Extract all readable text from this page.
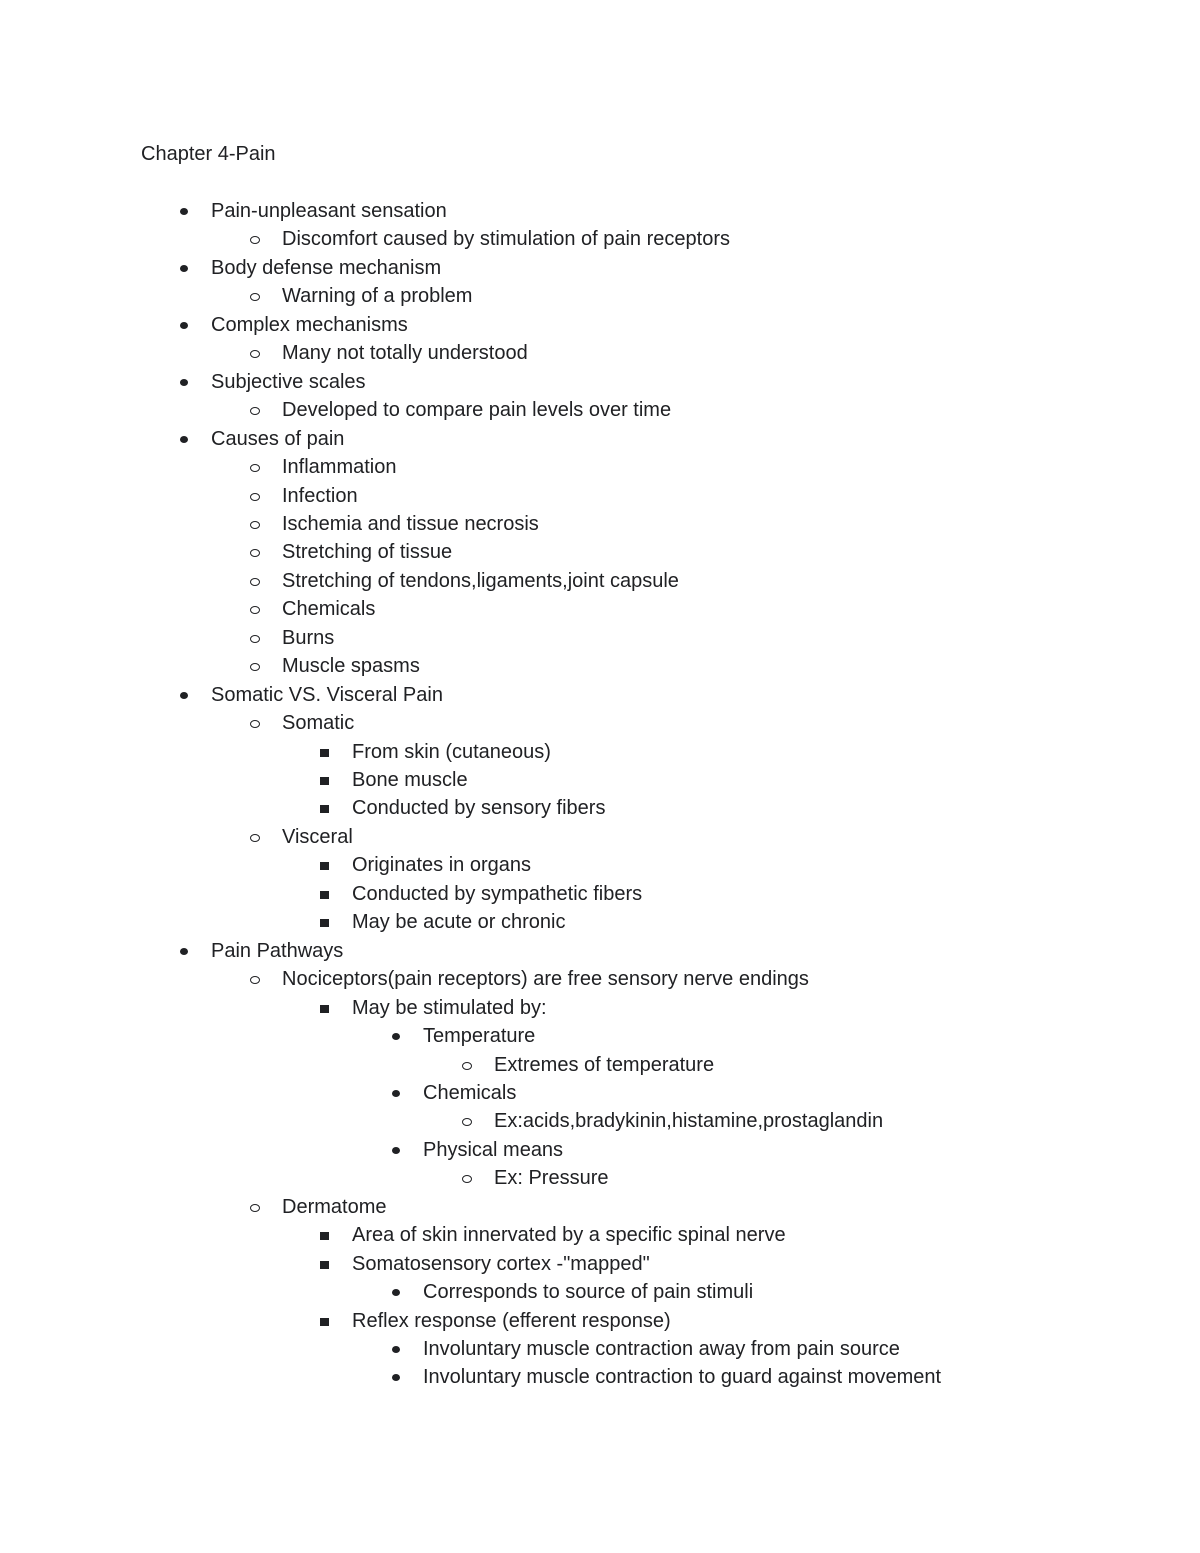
Chapter 4-Pain
Pain-unpleasant sensation
Discomfort caused by stimulation of pain receptors
Body defense mechanism
Warning of a problem
Complex mechanisms
Many not totally understood
Subjective scales
Developed to compare pain levels over time
Causes of pain
Inflammation
Infection
Ischemia and tissue necrosis
Stretching of tissue
Stretching of tendons,ligaments,joint capsule
Chemicals
Burns
Muscle spasms
Somatic VS. Visceral Pain
Somatic
From skin (cutaneous)
Bone muscle
Conducted by sensory fibers
Visceral
Originates in organs
Conducted by sympathetic fibers
May be acute or chronic
Pain Pathways
Nociceptors(pain receptors) are free sensory nerve endings
May be stimulated by:
Temperature
Extremes of temperature
Chemicals
Ex:acids,bradykinin,histamine,prostaglandin
Physical means
Ex: Pressure
Dermatome
Area of skin innervated by a specific spinal nerve
Somatosensory cortex -"mapped"
Corresponds to source of pain stimuli
Reflex response (efferent response)
Involuntary muscle contraction away from pain source
Involuntary muscle contraction to guard against movement
